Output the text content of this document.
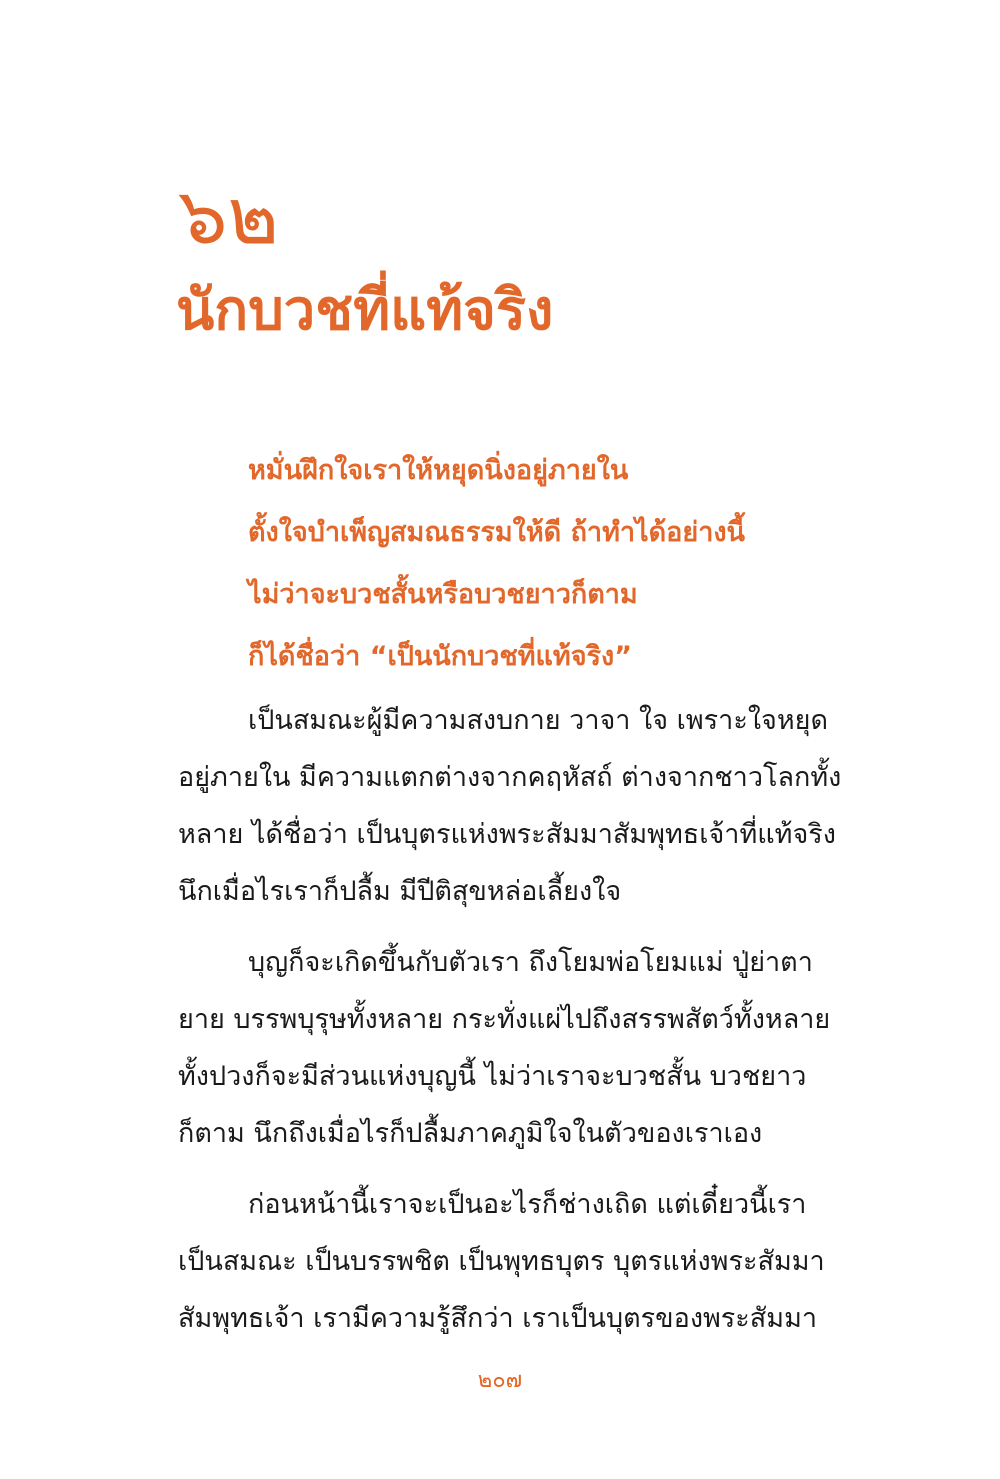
๖๒
นักบวชที่แท้จริง
หมั่นฝึกใจเราให้หยุดนิ่งอยู่ภายใน
ตั้งใจบำเพ็ญสมณธรรมให้ดี ถ้าทำได้อย่างนี้
ไม่ว่าจะบวชสั้นหรือบวชยาวก็ตาม
ก็ได้ชื่อว่า “เป็นนักบวชที่แท้จริง”
เป็นสมณะผู้มีความสงบกาย วาจา ใจ เพราะใจหยุด
อยู่ภายใน มีความแตกต่างจากคฤหัสถ์ ต่างจากชาวโลกทั้ง
หลาย ได้ชื่อว่า เป็นบุตรแห่งพระสัมมาสัมพุทธเจ้าที่แท้จริง
นึกเมื่อไรเราก็ปลื้ม มีปีติสุขหล่อเลี้ยงใจ
บุญก็จะเกิดขึ้นกับตัวเรา ถึงโยมพ่อโยมแม่ ปู่ย่าตา
ยาย บรรพบุรุษทั้งหลาย กระทั่งแผ่ไปถึงสรรพสัตว์ทั้งหลาย
ทั้งปวงก็จะมีส่วนแห่งบุญนี้ ไม่ว่าเราจะบวชสั้น บวชยาว
ก็ตาม นึกถึงเมื่อไรก็ปลื้มภาคภูมิใจในตัวของเราเอง
ก่อนหน้านี้เราจะเป็นอะไรก็ช่างเถิด แต่เดี๋ยวนี้เรา
เป็นสมณะ เป็นบรรพชิต เป็นพุทธบุตร บุตรแห่งพระสัมมา
สัมพุทธเจ้า เรามีความรู้สึกว่า เราเป็นบุตรของพระสัมมา
๒๐๗
